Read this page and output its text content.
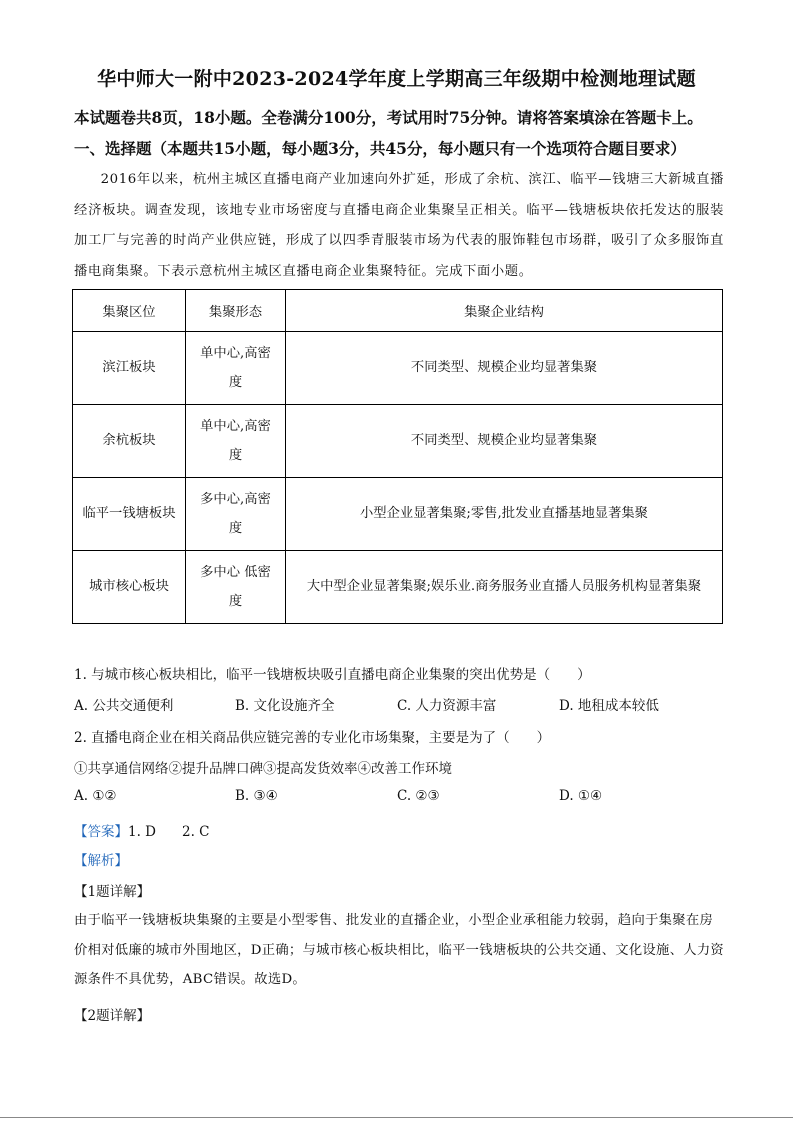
华中师大一附中2023-2024学年度上学期高三年级期中检测地理试题
本试题卷共8页，18小题。全卷满分100分，考试用时75分钟。请将答案填涂在答题卡上。
一、选择题（本题共15小题，每小题3分，共45分，每小题只有一个选项符合题目要求）

2016年以来，杭州主城区直播电商产业加速向外扩延，形成了余杭、滨江、临平—钱塘三大新城直播经济板块。调查发现，该地专业市场密度与直播电商企业集聚呈正相关。临平—钱塘板块依托发达的服装加工厂与完善的时尚产业供应链，形成了以四季青服装市场为代表的服饰鞋包市场群，吸引了众多服饰直播电商集聚。下表示意杭州主城区直播电商企业集聚特征。完成下面小题。

集聚区位	集聚形态	集聚企业结构
滨江板块	单中心,高密度	不同类型、规模企业均显著集聚
余杭板块	单中心,高密度	不同类型、规模企业均显著集聚
临平一钱塘板块	多中心,高密度	小型企业显著集聚;零售,批发业直播基地显著集聚
城市核心板块	多中心 低密度	大中型企业显著集聚;娱乐业.商务服务业直播人员服务机构显著集聚
1. 与城市核心板块相比，临平一钱塘板块吸引直播电商企业集聚的突出优势是（　　）
A. 公共交通便利	B. 文化设施齐全	C. 人力资源丰富	D. 地租成本较低
2. 直播电商企业在相关商品供应链完善的专业化市场集聚，主要是为了（　　）
①共享通信网络②提升品牌口碑③提高发货效率④改善工作环境
A. ①②	B. ③④	C. ②③	D. ①④
【答案】1. D 2. C
【解析】
【1题详解】
由于临平一钱塘板块集聚的主要是小型零售、批发业的直播企业，小型企业承租能力较弱，趋向于集聚在房价相对低廉的城市外围地区，D正确；与城市核心板块相比，临平一钱塘板块的公共交通、文化设施、人力资源条件不具优势，ABC错误。故选D。
【2题详解】
